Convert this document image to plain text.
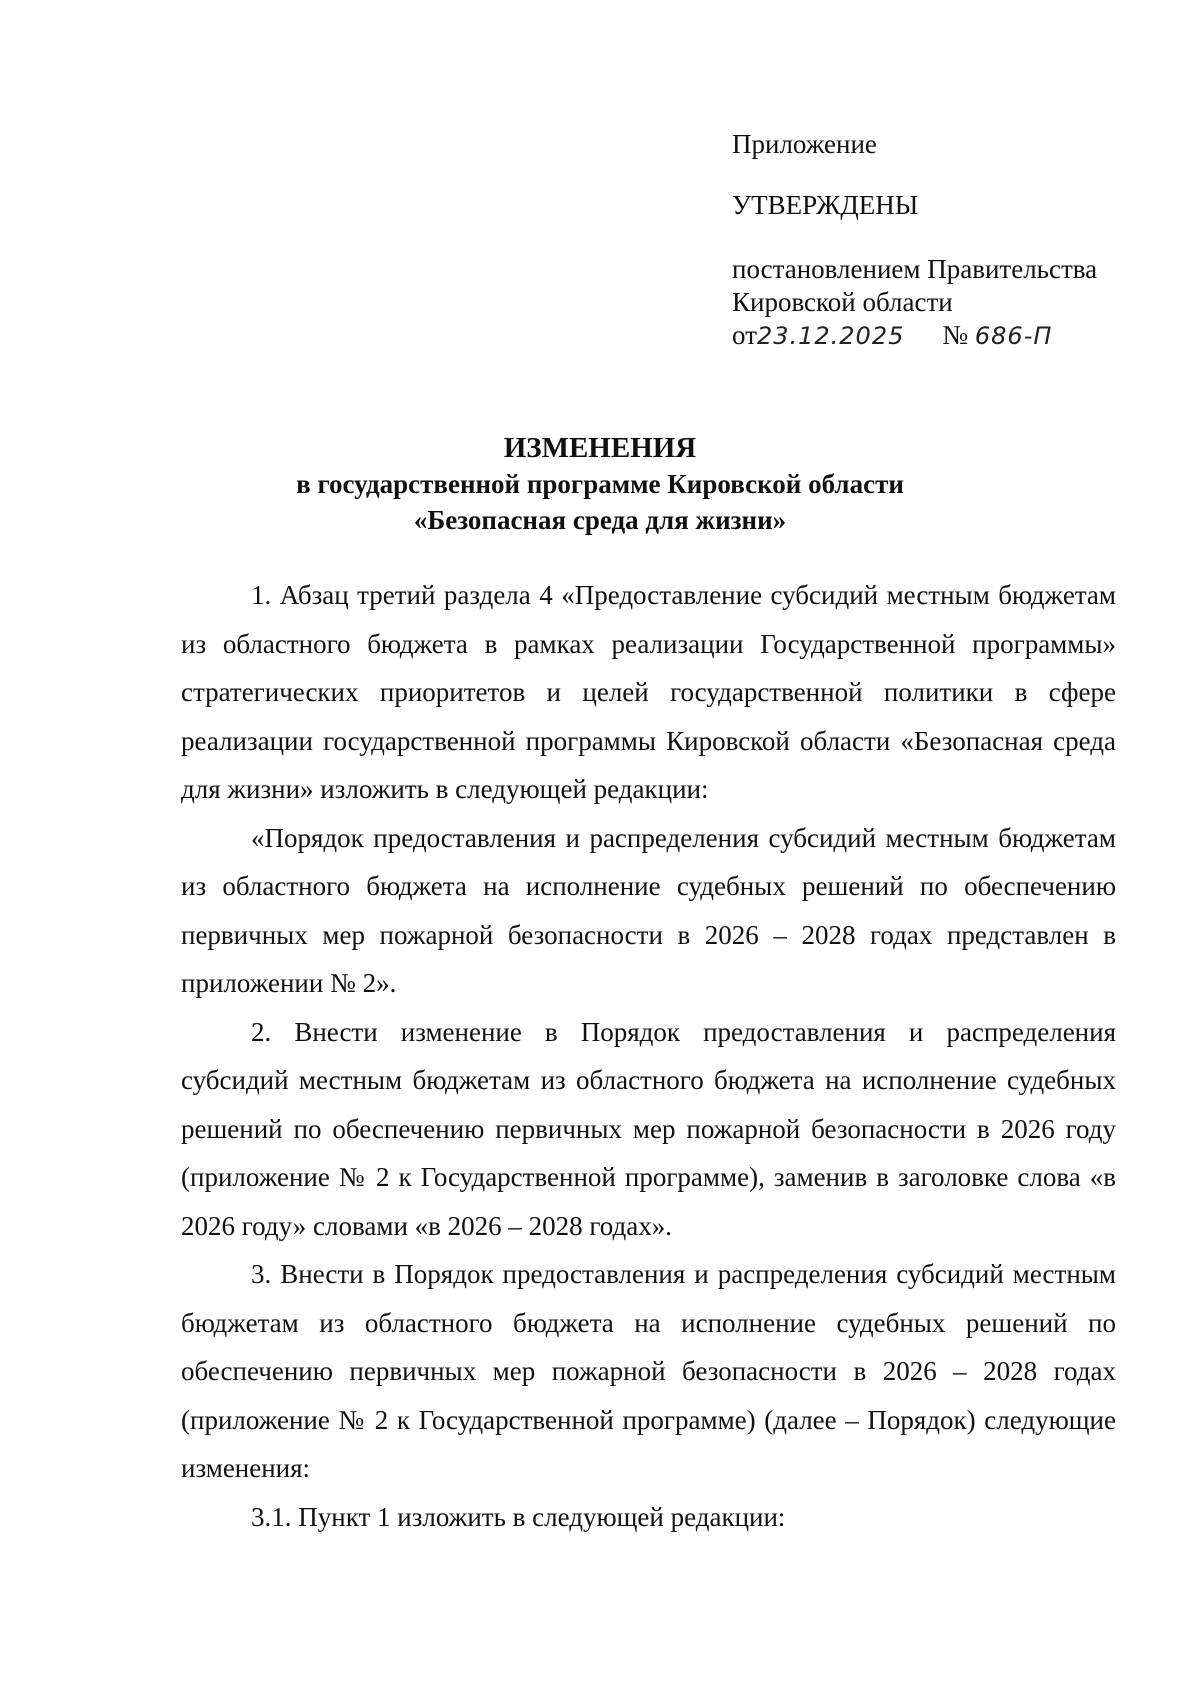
Приложение

УТВЕРЖДЕНЫ

постановлением Правительства

Кировской области

от23.12.2025 № 686-П

ИЗМЕНЕНИЯ

в государственной программе Кировской области

«Безопасная среда для жизни»

1. Абзац третий раздела 4 «Предоставление субсидий местным бюджетам из областного бюджета в рамках реализации Государственной программы» стратегических приоритетов и целей государственной политики в сфере реализации государственной программы Кировской области «Безопасная среда для жизни» изложить в следующей редакции:

«Порядок предоставления и распределения субсидий местным бюджетам из областного бюджета на исполнение судебных решений по обеспечению первичных мер пожарной безопасности в 2026 – 2028 годах представлен в приложении № 2».

2. Внести изменение в Порядок предоставления и распределения субсидий местным бюджетам из областного бюджета на исполнение судебных решений по обеспечению первичных мер пожарной безопасности в 2026 году (приложение № 2 к Государственной программе), заменив в заголовке слова «в 2026 году» словами «в 2026 – 2028 годах».

3. Внести в Порядок предоставления и распределения субсидий местным бюджетам из областного бюджета на исполнение судебных решений по обеспечению первичных мер пожарной безопасности в 2026 – 2028 годах (приложение № 2 к Государственной программе) (далее – Порядок) следующие изменения:

3.1. Пункт 1 изложить в следующей редакции:
